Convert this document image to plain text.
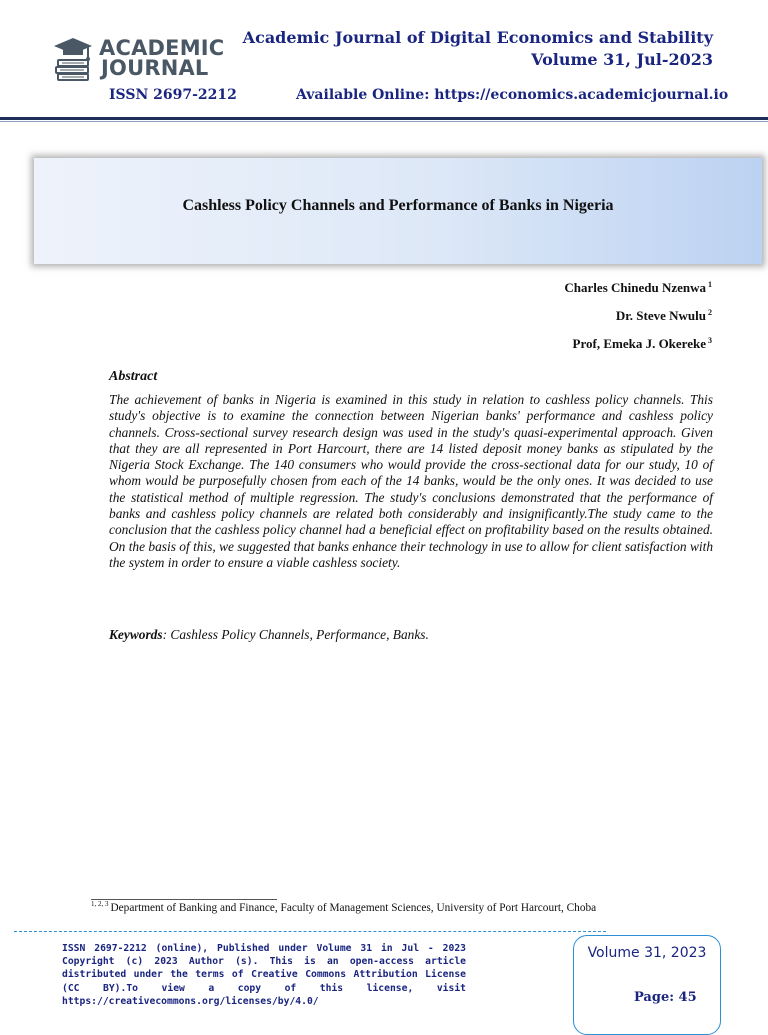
ACADEMIC
JOURNAL
Academic Journal of Digital Economics and Stability
Volume 31, Jul-2023
ISSN 2697-2212	Available Online: https://economics.academicjournal.io
Cashless Policy Channels and Performance of Banks in Nigeria
Charles Chinedu Nzenwa $^1$
Dr. Steve Nwulu $^2$
Prof, Emeka J. Okereke $^3$
Abstract

The achievement of banks in Nigeria is examined in this study in relation to cashless policy channels. This study's objective is to examine the connection between Nigerian banks' performance and cashless policy channels. Cross-sectional survey research design was used in the study's quasi-experimental approach. Given that they are all represented in Port Harcourt, there are 14 listed deposit money banks as stipulated by the Nigeria Stock Exchange. The 140 consumers who would provide the cross-sectional data for our study, 10 of whom would be purposefully chosen from each of the 14 banks, would be the only ones. It was decided to use the statistical method of multiple regression. The study's conclusions demonstrated that the performance of banks and cashless policy channels are related both considerably and insignificantly.The study came to the conclusion that the cashless policy channel had a beneficial effect on profitability based on the results obtained. On the basis of this, we suggested that banks enhance their technology in use to allow for client satisfaction with the system in order to ensure a viable cashless society.

Keywords: Cashless Policy Channels, Performance, Banks.
$^{1, 2, 3}$ Department of Banking and Finance, Faculty of Management Sciences, University of Port Harcourt, Choba

ISSN 2697-2212 (online), Published under Volume 31 in Jul - 2023 Copyright (c) 2023 Author (s). This is an open-access article distributed under the terms of Creative Commons Attribution License (CC BY).To view a copy of this license, visit https://creativecommons.org/licenses/by/4.0/

Volume 31, 2023
Page: 45
